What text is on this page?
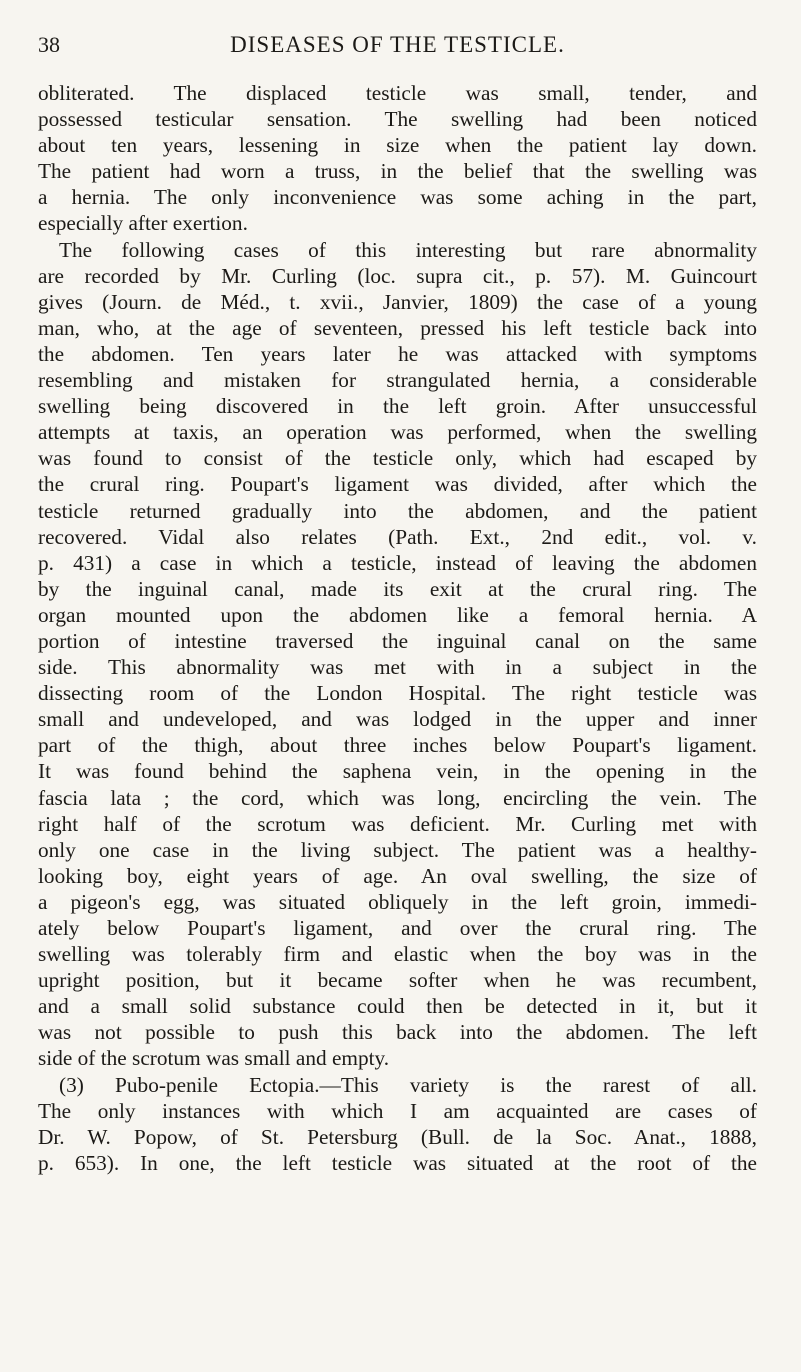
38	DISEASES OF THE TESTICLE.
obliterated. The displaced testicle was small, tender, and
possessed testicular sensation. The swelling had been noticed
about ten years, lessening in size when the patient lay down.
The patient had worn a truss, in the belief that the swelling was
a hernia. The only inconvenience was some aching in the part,
especially after exertion.
The following cases of this interesting but rare abnormality
are recorded by Mr. Curling (loc. supra cit., p. 57). M. Guincourt
gives (Journ. de Méd., t. xvii., Janvier, 1809) the case of a young
man, who, at the age of seventeen, pressed his left testicle back into
the abdomen. Ten years later he was attacked with symptoms
resembling and mistaken for strangulated hernia, a considerable
swelling being discovered in the left groin. After unsuccessful
attempts at taxis, an operation was performed, when the swelling
was found to consist of the testicle only, which had escaped by
the crural ring. Poupart's ligament was divided, after which the
testicle returned gradually into the abdomen, and the patient
recovered. Vidal also relates (Path. Ext., 2nd edit., vol. v.
p. 431) a case in which a testicle, instead of leaving the abdomen
by the inguinal canal, made its exit at the crural ring. The
organ mounted upon the abdomen like a femoral hernia. A
portion of intestine traversed the inguinal canal on the same
side. This abnormality was met with in a subject in the
dissecting room of the London Hospital. The right testicle was
small and undeveloped, and was lodged in the upper and inner
part of the thigh, about three inches below Poupart's ligament.
It was found behind the saphena vein, in the opening in the
fascia lata ; the cord, which was long, encircling the vein. The
right half of the scrotum was deficient. Mr. Curling met with
only one case in the living subject. The patient was a healthy-
looking boy, eight years of age. An oval swelling, the size of
a pigeon's egg, was situated obliquely in the left groin, immedi-
ately below Poupart's ligament, and over the crural ring. The
swelling was tolerably firm and elastic when the boy was in the
upright position, but it became softer when he was recumbent,
and a small solid substance could then be detected in it, but it
was not possible to push this back into the abdomen. The left
side of the scrotum was small and empty.
(3) Pubo-penile Ectopia.—This variety is the rarest of all.
The only instances with which I am acquainted are cases of
Dr. W. Popow, of St. Petersburg (Bull. de la Soc. Anat., 1888,
p. 653). In one, the left testicle was situated at the root of the
